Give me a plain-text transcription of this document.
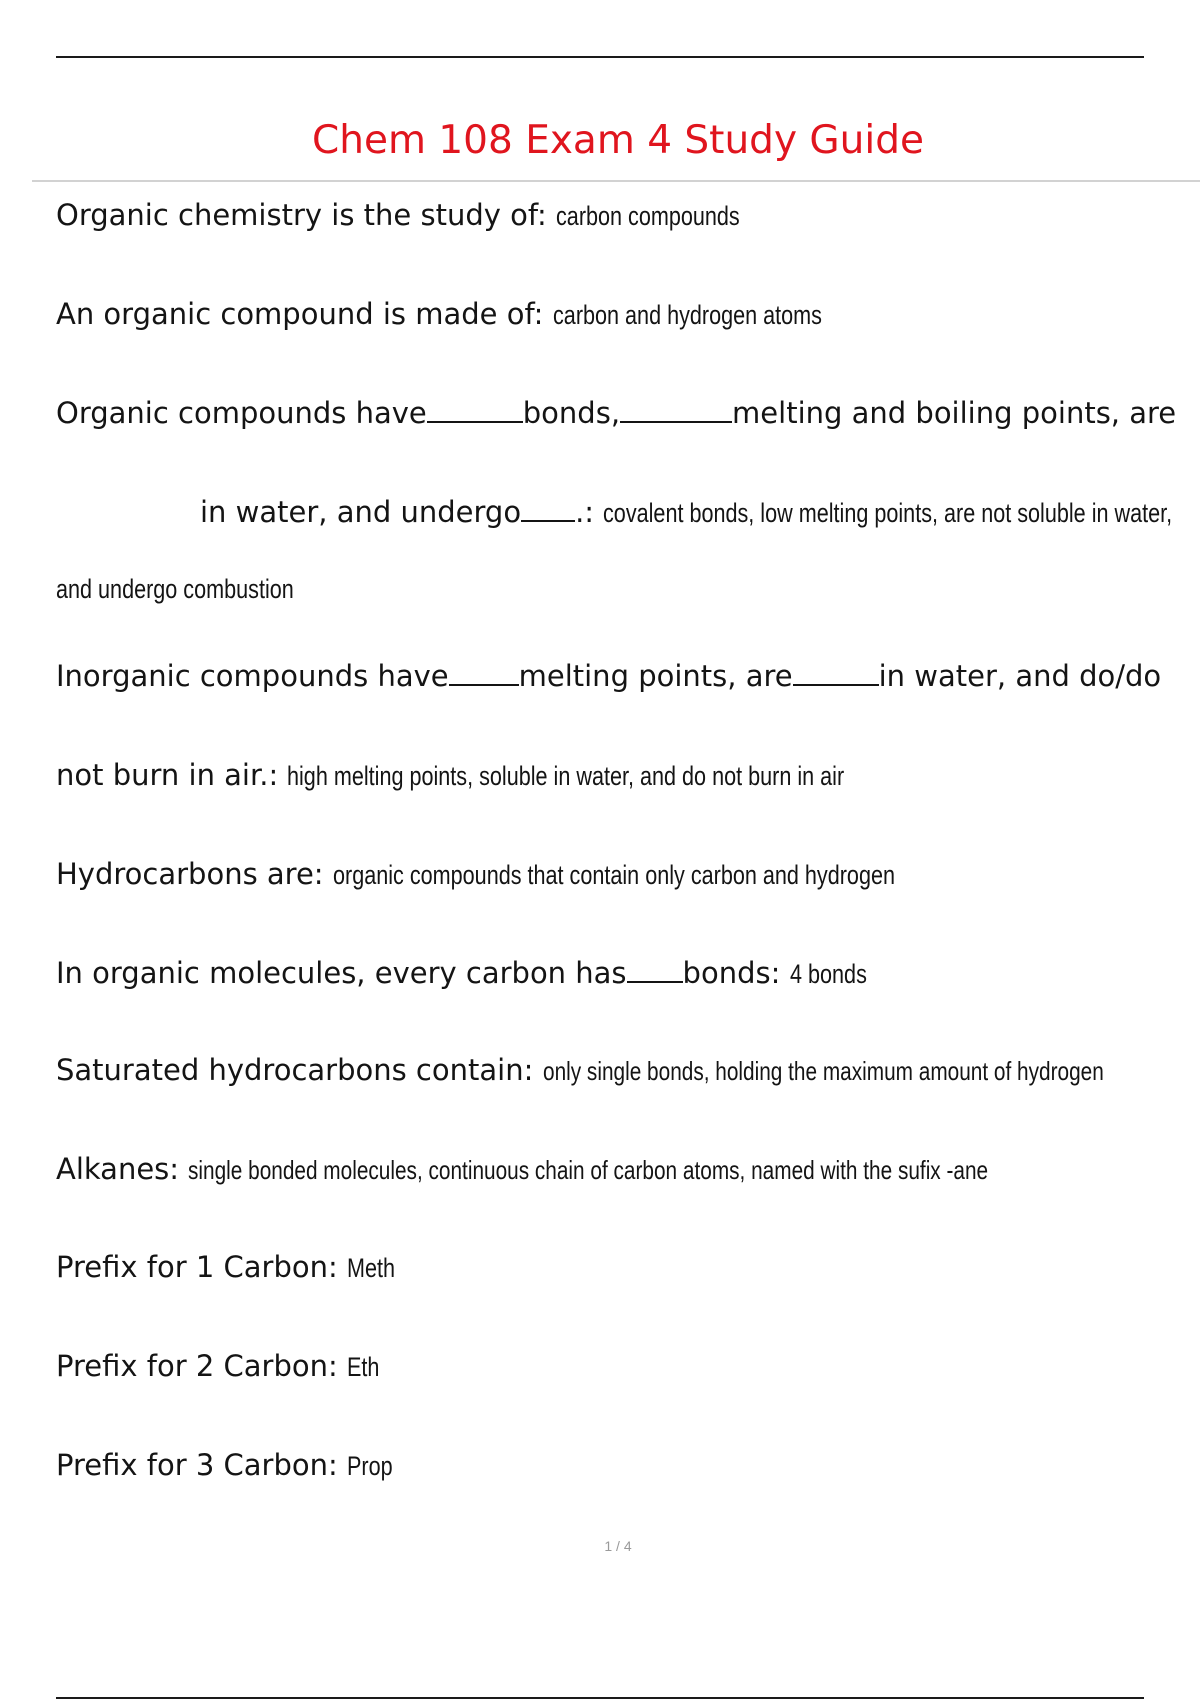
Chem 108 Exam 4 Study Guide
Organic chemistry is the study of: carbon compounds
An organic compound is made of: carbon and hydrogen atoms
Organic compounds have	bonds,	melting and boiling points, are
in water, and undergo .: covalent bonds, low melting points, are not soluble in water,
and undergo combustion
Inorganic compounds have melting points, are	in water, and do/do
not burn in air.: high melting points, soluble in water, and do not burn in air
Hydrocarbons are: organic compounds that contain only carbon and hydrogen
In organic molecules, every carbon has bonds: 4 bonds
Saturated hydrocarbons contain: only single bonds, holding the maximum amount of hydrogen
Alkanes: single bonded molecules, continuous chain of carbon atoms, named with the sufix -ane
Prefix for 1 Carbon: Meth
Prefix for 2 Carbon: Eth
Prefix for 3 Carbon: Prop
1 / 4
